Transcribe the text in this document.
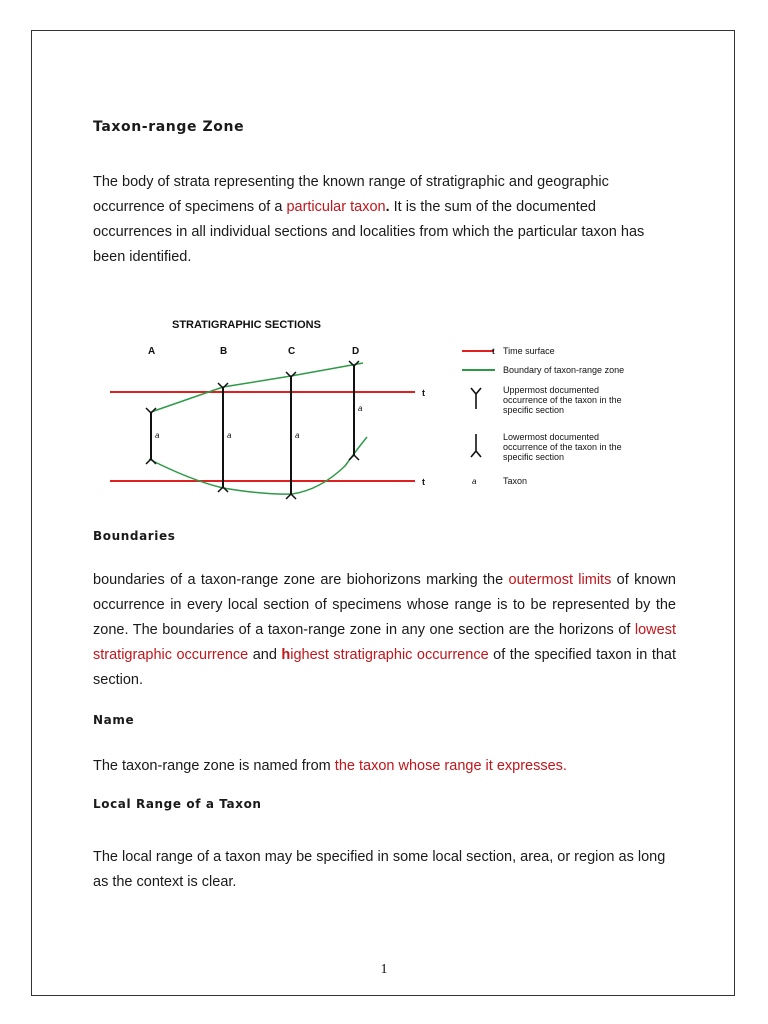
Taxon-range Zone

The body of strata representing the known range of stratigraphic and geographic occurrence of specimens of a particular taxon. It is the sum of the documented occurrences in all individual sections and localities from which the particular taxon has been identified.

STRATIGRAPHIC SECTIONS
A	B	C	D
t
t
a	a	a
a
t Time surface
Boundary of taxon-range zone
Uppermost documented
occurrence of the taxon in the
specific section
Lowermost documented
occurrence of the taxon in the
specific section
a	Taxon
Boundaries

boundaries of a taxon-range zone are biohorizons marking the outermost limits of known occurrence in every local section of specimens whose range is to be represented by the zone. The boundaries of a taxon-range zone in any one section are the horizons of lowest stratigraphic occurrence and highest stratigraphic occurrence of the specified taxon in that section.

Name

The taxon-range zone is named from the taxon whose range it expresses.

Local Range of a Taxon

The local range of a taxon may be specified in some local section, area, or region as long as the context is clear.

1
